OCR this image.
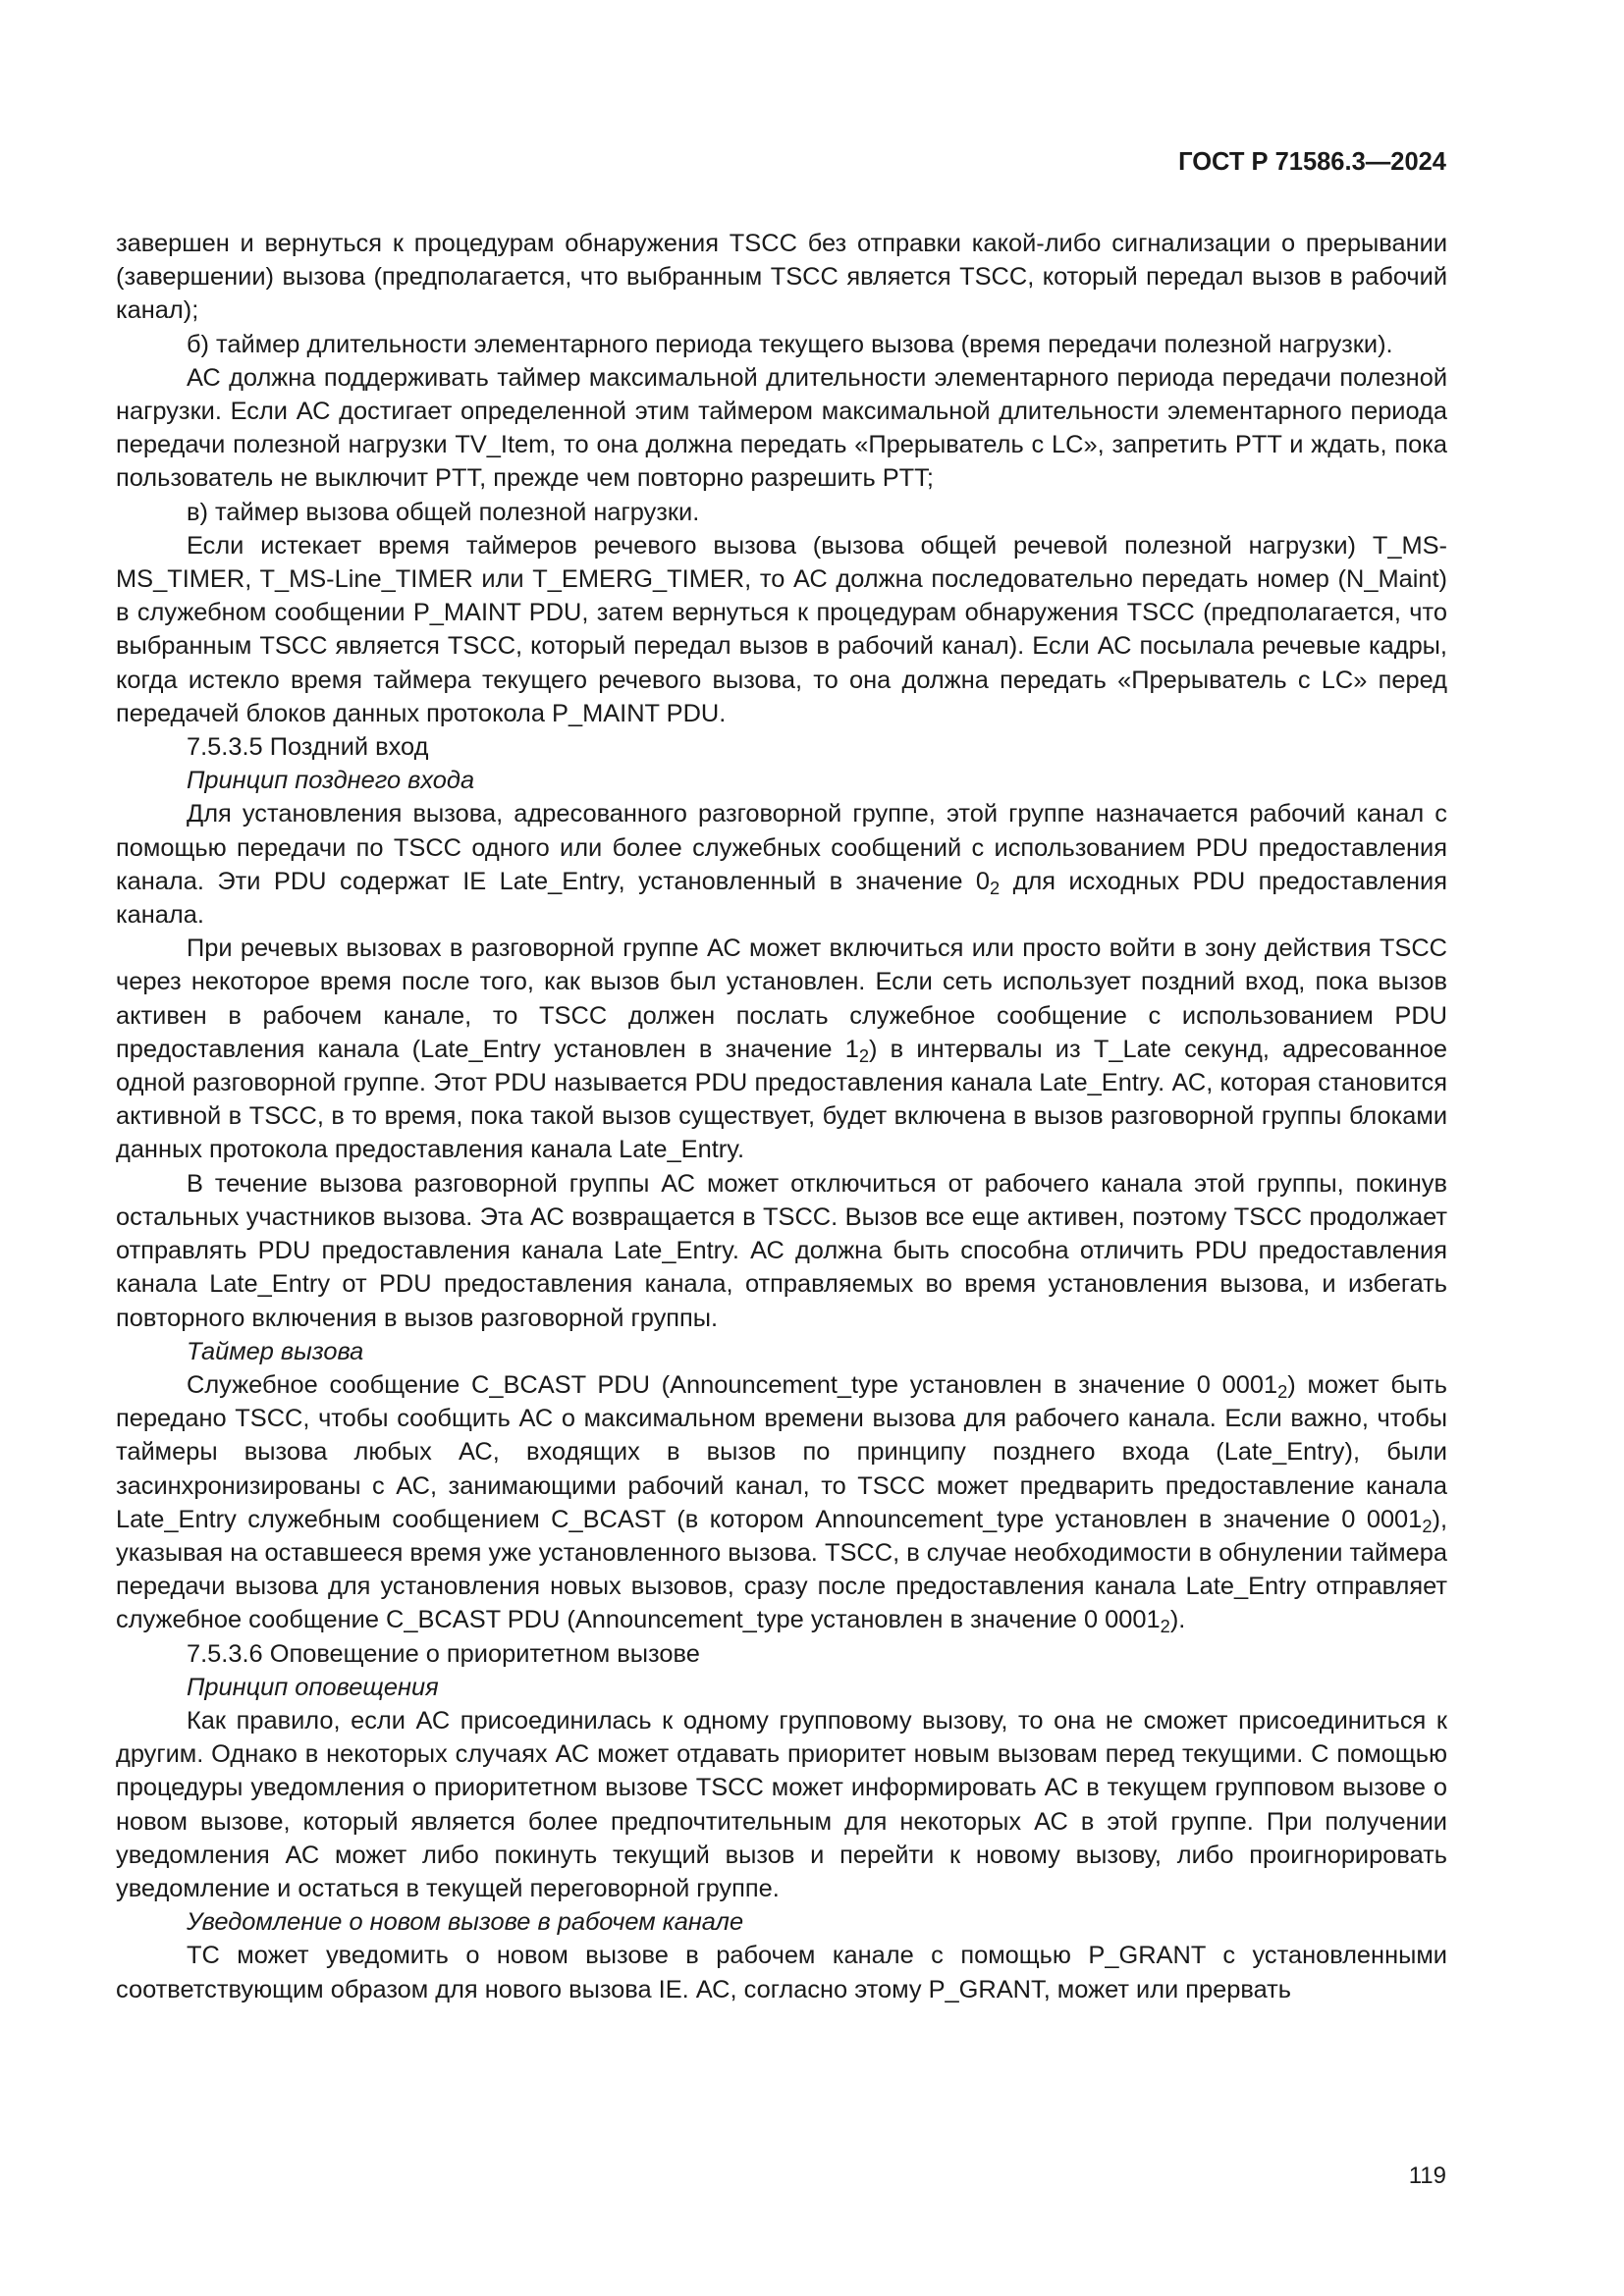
ГОСТ Р 71586.3—2024

завершен и вернуться к процедурам обнаружения TSCC без отправки какой-либо сигнализации о прерывании (завершении) вызова (предполагается, что выбранным TSCC является TSCC, который передал вызов в рабочий канал);

б) таймер длительности элементарного периода текущего вызова (время передачи полезной нагрузки).

АС должна поддерживать таймер максимальной длительности элементарного периода передачи полезной нагрузки. Если АС достигает определенной этим таймером максимальной длительности элементарного периода передачи полезной нагрузки TV_Item, то она должна передать «Прерыватель с LC», запретить PTT и ждать, пока пользователь не выключит PTT, прежде чем повторно разрешить PTT;

в) таймер вызова общей полезной нагрузки.

Если истекает время таймеров речевого вызова (вызова общей речевой полезной нагрузки) T_MS-MS_TIMER, T_MS-Line_TIMER или T_EMERG_TIMER, то АС должна последовательно передать номер (N_Maint) в служебном сообщении P_MAINT PDU, затем вернуться к процедурам обнаружения TSCC (предполагается, что выбранным TSCC является TSCC, который передал вызов в рабочий канал). Если АС посылала речевые кадры, когда истекло время таймера текущего речевого вызова, то она должна передать «Прерыватель с LC» перед передачей блоков данных протокола P_MAINT PDU.

7.5.3.5 Поздний вход

Принцип позднего входа

Для установления вызова, адресованного разговорной группе, этой группе назначается рабочий канал с помощью передачи по TSCC одного или более служебных сообщений с использованием PDU предоставления канала. Эти PDU содержат IE Late_Entry, установленный в значение $0_2$ для исходных PDU предоставления канала.

При речевых вызовах в разговорной группе АС может включиться или просто войти в зону действия TSCC через некоторое время после того, как вызов был установлен. Если сеть использует поздний вход, пока вызов активен в рабочем канале, то TSCC должен послать служебное сообщение с использованием PDU предоставления канала (Late_Entry установлен в значение $1_2$) в интервалы из T_Late секунд, адресованное одной разговорной группе. Этот PDU называется PDU предоставления канала Late_Entry. АС, которая становится активной в TSCC, в то время, пока такой вызов существует, будет включена в вызов разговорной группы блоками данных протокола предоставления канала Late_Entry.

В течение вызова разговорной группы АС может отключиться от рабочего канала этой группы, покинув остальных участников вызова. Эта АС возвращается в TSCC. Вызов все еще активен, поэтому TSCC продолжает отправлять PDU предоставления канала Late_Entry. АС должна быть способна отличить PDU предоставления канала Late_Entry от PDU предоставления канала, отправляемых во время установления вызова, и избегать повторного включения в вызов разговорной группы.

Таймер вызова

Служебное сообщение C_BCAST PDU (Announcement_type установлен в значение 0 $0001_2$) может быть передано TSCC, чтобы сообщить АС о максимальном времени вызова для рабочего канала. Если важно, чтобы таймеры вызова любых АС, входящих в вызов по принципу позднего входа (Late_Entry), были засинхронизированы с АС, занимающими рабочий канал, то TSCC может предварить предоставление канала Late_Entry служебным сообщением C_BCAST (в котором Announcement_type установлен в значение 0 $0001_2$), указывая на оставшееся время уже установленного вызова. TSCC, в случае необходимости в обнулении таймера передачи вызова для установления новых вызовов, сразу после предоставления канала Late_Entry отправляет служебное сообщение C_BCAST PDU (Announcement_type установлен в значение 0 $0001_2$).

7.5.3.6 Оповещение о приоритетном вызове

Принцип оповещения

Как правило, если АС присоединилась к одному групповому вызову, то она не сможет присоединиться к другим. Однако в некоторых случаях АС может отдавать приоритет новым вызовам перед текущими. С помощью процедуры уведомления о приоритетном вызове TSCC может информировать АС в текущем групповом вызове о новом вызове, который является более предпочтительным для некоторых АС в этой группе. При получении уведомления АС может либо покинуть текущий вызов и перейти к новому вызову, либо проигнорировать уведомление и остаться в текущей переговорной группе.

Уведомление о новом вызове в рабочем канале

ТС может уведомить о новом вызове в рабочем канале с помощью P_GRANT с установленными соответствующим образом для нового вызова IE. АС, согласно этому P_GRANT, может или прервать

119
